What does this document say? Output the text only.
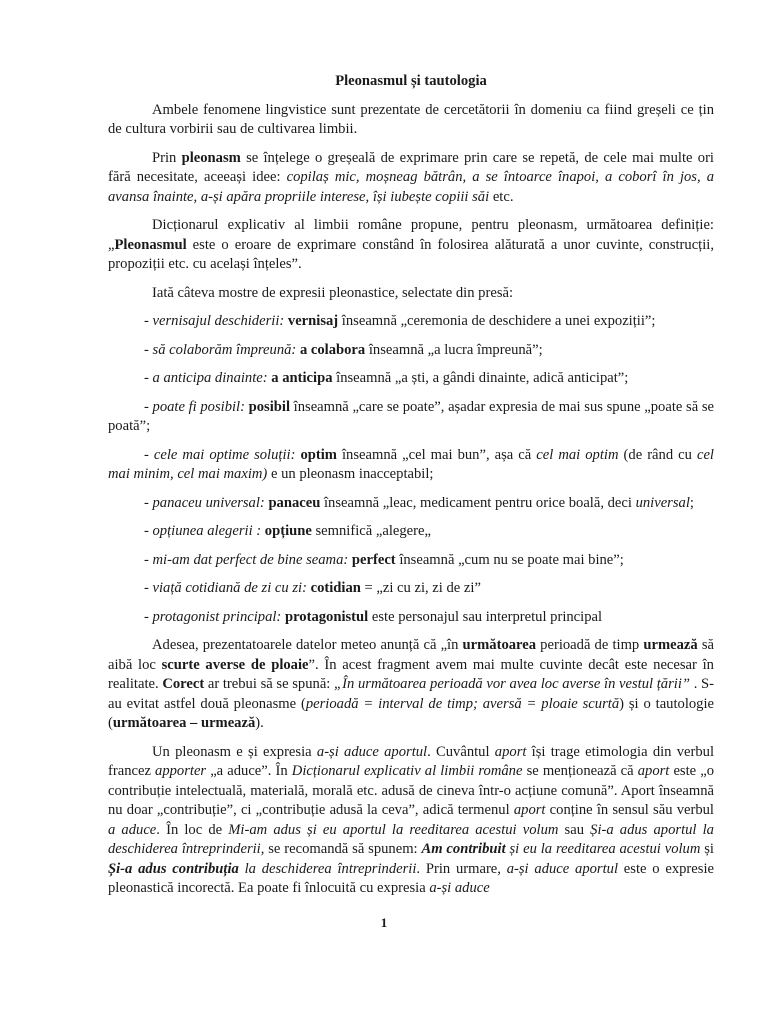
Pleonasmul și tautologia

Ambele fenomene lingvistice sunt prezentate de cercetătorii în domeniu ca fiind greșeli ce țin de cultura vorbirii sau de cultivarea limbii.

Prin pleonasm se înțelege o greșeală de exprimare prin care se repetă, de cele mai multe ori fără necesitate, aceeași idee: copilaș mic, moșneag bătrân, a se întoarce înapoi, a coborî în jos, a avansa înainte, a-și apăra propriile interese, își iubește copiii săi etc.

Dicționarul explicativ al limbii române propune, pentru pleonasm, următoarea definiție: „Pleonasmul este o eroare de exprimare constând în folosirea alăturată a unor cuvinte, construcții, propoziții etc. cu același înțeles”.

Iată câteva mostre de expresii pleonastice, selectate din presă:

- vernisajul deschiderii: vernisaj înseamnă „ceremonia de deschidere a unei expoziții”;

- să colaborăm împreună: a colabora înseamnă „a lucra împreună”;

- a anticipa dinainte: a anticipa înseamnă „a ști, a gândi dinainte, adică anticipat”;

- poate fi posibil: posibil înseamnă „care se poate”, așadar expresia de mai sus spune „poate să se poată”;

- cele mai optime soluții: optim înseamnă „cel mai bun”, așa că cel mai optim (de rând cu cel mai minim, cel mai maxim) e un pleonasm inacceptabil;

- panaceu universal: panaceu înseamnă „leac, medicament pentru orice boală, deci universal;

- opțiunea alegerii : opțiune semnifică „alegere„

- mi-am dat perfect de bine seama: perfect înseamnă „cum nu se poate mai bine”;

- viață cotidiană de zi cu zi: cotidian = „zi cu zi, zi de zi”

- protagonist principal: protagonistul este personajul sau interpretul principal

Adesea, prezentatoarele datelor meteo anunță că „în următoarea perioadă de timp urmează să aibă loc scurte averse de ploaie”. În acest fragment avem mai multe cuvinte decât este necesar în realitate. Corect ar trebui să se spună: „În următoarea perioadă vor avea loc averse în vestul țării” . S-au evitat astfel două pleonasme (perioadă = interval de timp; aversă = ploaie scurtă) și o tautologie (următoarea – urmează).

Un pleonasm e și expresia a-și aduce aportul. Cuvântul aport își trage etimologia din verbul francez apporter „a aduce”. În Dicționarul explicativ al limbii române se menționează că aport este „o contribuție intelectuală, materială, morală etc. adusă de cineva într-o acțiune comună”. Aport înseamnă nu doar „contribuție”, ci „contribuție adusă la ceva”, adică termenul aport conține în sensul său verbul a aduce. În loc de Mi-am adus și eu aportul la reeditarea acestui volum sau Și-a adus aportul la deschiderea întreprinderii, se recomandă să spunem: Am contribuit și eu la reeditarea acestui volum și Și-a adus contribuția la deschiderea întreprinderii. Prin urmare, a-și aduce aportul este o expresie pleonastică incorectă. Ea poate fi înlocuită cu expresia a-și aduce

1
